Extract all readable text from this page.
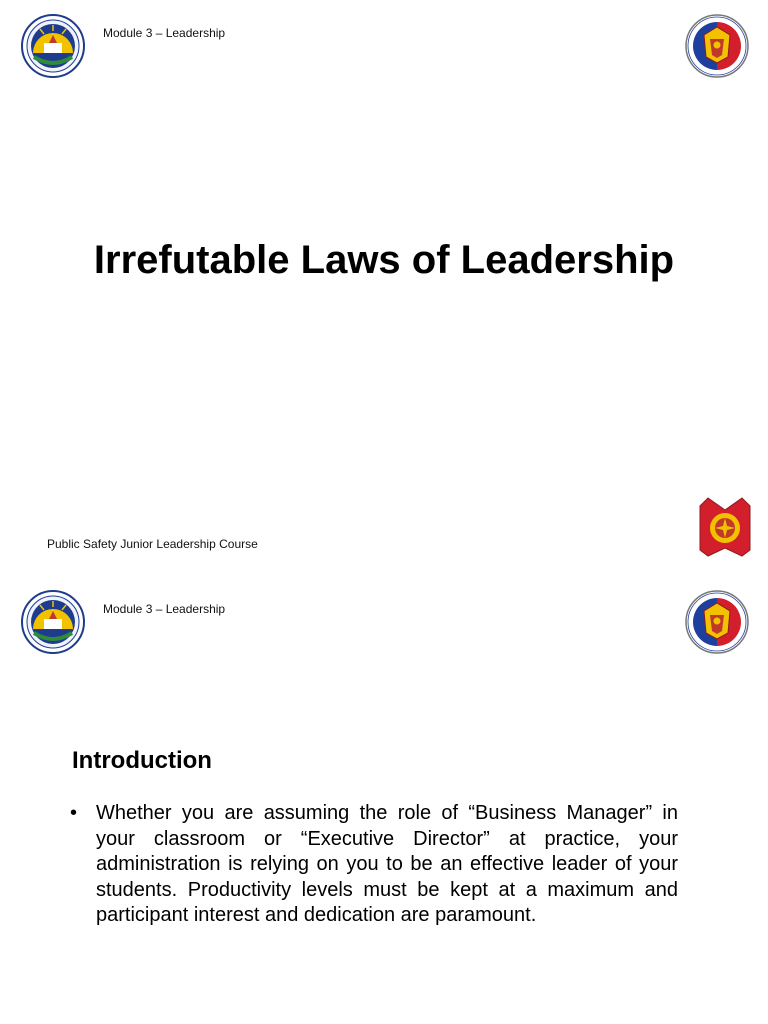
Module 3 – Leadership
Irrefutable Laws of Leadership
Public Safety Junior Leadership Course
Module 3 – Leadership
Introduction
• Whether you are assuming the role of “Business Manager” in your classroom or “Executive Director” at practice, your administration is relying on you to be an effective leader of your students. Productivity levels must be kept at a maximum and participant interest and dedication are paramount.
